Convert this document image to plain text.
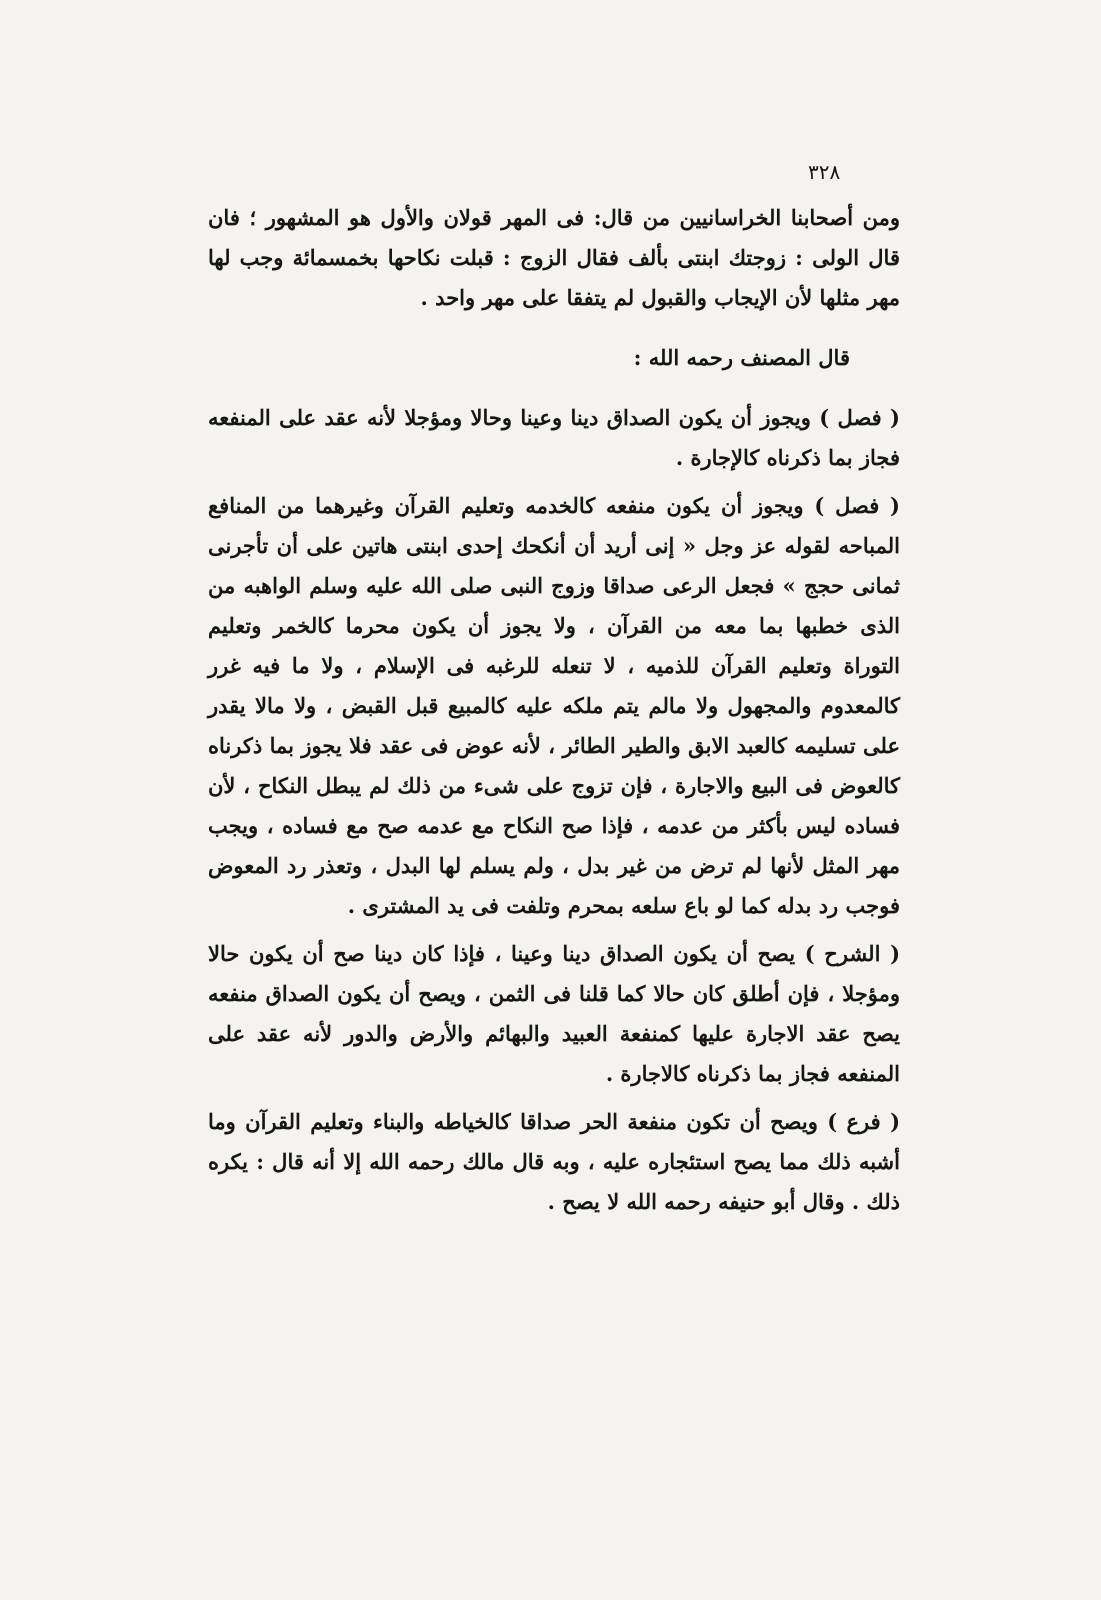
٣٢٨

ومن أصحابنا الخراسانيين من قال: فى المهر قولان والأول هو المشهور ؛ فان قال الولى : زوجتك ابنتى بألف فقال الزوج : قبلت نكاحها بخمسمائة وجب لها مهر مثلها لأن الإيجاب والقبول لم يتفقا على مهر واحد .

قال المصنف رحمه الله :

( فصل ) ويجوز أن يكون الصداق دينا وعينا وحالا ومؤجلا لأنه عقد على المنفعه فجاز بما ذكرناه كالإجارة .

( فصل ) ويجوز أن يكون منفعه كالخدمه وتعليم القرآن وغيرهما من المنافع المباحه لقوله عز وجل « إنى أريد أن أنكحك إحدى ابنتى هاتين على أن تأجرنى ثمانى حجج » فجعل الرعى صداقا وزوج النبى صلى الله عليه وسلم الواهبه من الذى خطبها بما معه من القرآن ، ولا يجوز أن يكون محرما كالخمر وتعليم التوراة وتعليم القرآن للذميه ، لا تنعله للرغبه فى الإسلام ، ولا ما فيه غرر كالمعدوم والمجهول ولا مالم يتم ملكه عليه كالمبيع قبل القبض ، ولا مالا يقدر على تسليمه كالعبد الابق والطير الطائر ، لأنه عوض فى عقد فلا يجوز بما ذكرناه كالعوض فى البيع والاجارة ، فإن تزوج على شىء من ذلك لم يبطل النكاح ، لأن فساده ليس بأكثر من عدمه ، فإذا صح النكاح مع عدمه صح مع فساده ، ويجب مهر المثل لأنها لم ترض من غير بدل ، ولم يسلم لها البدل ، وتعذر رد المعوض فوجب رد بدله كما لو باع سلعه بمحرم وتلفت فى يد المشترى .

( الشرح ) يصح أن يكون الصداق دينا وعينا ، فإذا كان دينا صح أن يكون حالا ومؤجلا ، فإن أطلق كان حالا كما قلنا فى الثمن ، ويصح أن يكون الصداق منفعه يصح عقد الاجارة عليها كمنفعة العبيد والبهائم والأرض والدور لأنه عقد على المنفعه فجاز بما ذكرناه كالاجارة .

( فرع ) ويصح أن تكون منفعة الحر صداقا كالخياطه والبناء وتعليم القرآن وما أشبه ذلك مما يصح استئجاره عليه ، وبه قال مالك رحمه الله إلا أنه قال : يكره ذلك . وقال أبو حنيفه رحمه الله لا يصح .
